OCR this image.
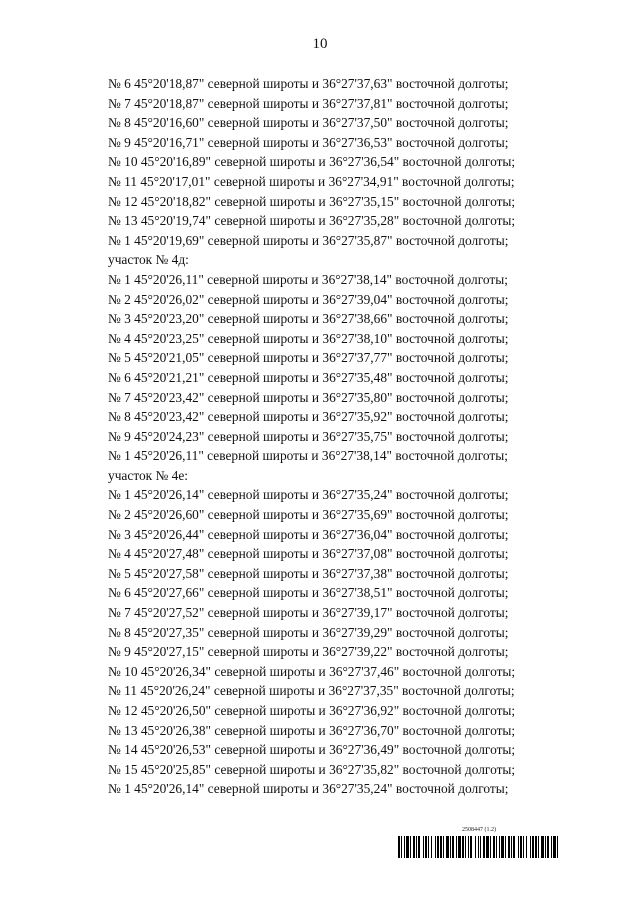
10
№ 6 45°20'18,87" северной широты и 36°27'37,63" восточной долготы;
№ 7 45°20'18,87" северной широты и 36°27'37,81" восточной долготы;
№ 8 45°20'16,60" северной широты и 36°27'37,50" восточной долготы;
№ 9 45°20'16,71" северной широты и 36°27'36,53" восточной долготы;
№ 10 45°20'16,89" северной широты и 36°27'36,54" восточной долготы;
№ 11 45°20'17,01" северной широты и 36°27'34,91" восточной долготы;
№ 12 45°20'18,82" северной широты и 36°27'35,15" восточной долготы;
№ 13 45°20'19,74" северной широты и 36°27'35,28" восточной долготы;
№ 1 45°20'19,69" северной широты и 36°27'35,87" восточной долготы;
участок № 4д:
№ 1 45°20'26,11" северной широты и 36°27'38,14" восточной долготы;
№ 2 45°20'26,02" северной широты и 36°27'39,04" восточной долготы;
№ 3 45°20'23,20" северной широты и 36°27'38,66" восточной долготы;
№ 4 45°20'23,25" северной широты и 36°27'38,10" восточной долготы;
№ 5 45°20'21,05" северной широты и 36°27'37,77" восточной долготы;
№ 6 45°20'21,21" северной широты и 36°27'35,48" восточной долготы;
№ 7 45°20'23,42" северной широты и 36°27'35,80" восточной долготы;
№ 8 45°20'23,42" северной широты и 36°27'35,92" восточной долготы;
№ 9 45°20'24,23" северной широты и 36°27'35,75" восточной долготы;
№ 1 45°20'26,11" северной широты и 36°27'38,14" восточной долготы;
участок № 4е:
№ 1 45°20'26,14" северной широты и 36°27'35,24" восточной долготы;
№ 2 45°20'26,60" северной широты и 36°27'35,69" восточной долготы;
№ 3 45°20'26,44" северной широты и 36°27'36,04" восточной долготы;
№ 4 45°20'27,48" северной широты и 36°27'37,08" восточной долготы;
№ 5 45°20'27,58" северной широты и 36°27'37,38" восточной долготы;
№ 6 45°20'27,66" северной широты и 36°27'38,51" восточной долготы;
№ 7 45°20'27,52" северной широты и 36°27'39,17" восточной долготы;
№ 8 45°20'27,35" северной широты и 36°27'39,29" восточной долготы;
№ 9 45°20'27,15" северной широты и 36°27'39,22" восточной долготы;
№ 10 45°20'26,34" северной широты и 36°27'37,46" восточной долготы;
№ 11 45°20'26,24" северной широты и 36°27'37,35" восточной долготы;
№ 12 45°20'26,50" северной широты и 36°27'36,92" восточной долготы;
№ 13 45°20'26,38" северной широты и 36°27'36,70" восточной долготы;
№ 14 45°20'26,53" северной широты и 36°27'36,49" восточной долготы;
№ 15 45°20'25,85" северной широты и 36°27'35,82" восточной долготы;
№ 1 45°20'26,14" северной широты и 36°27'35,24" восточной долготы;
2508447 (1.2)
